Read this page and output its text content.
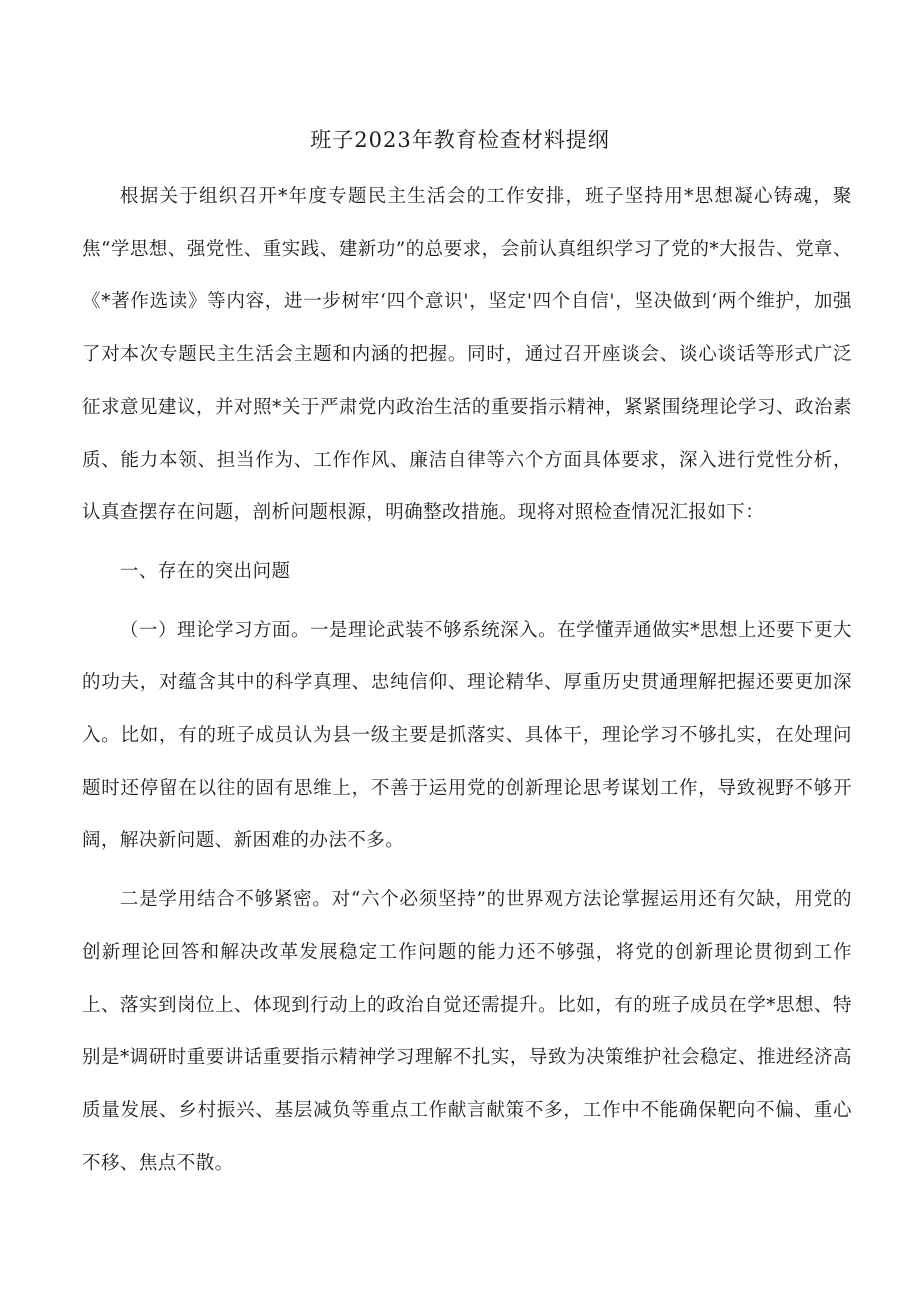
班子2023年教育检查材料提纲

根据关于组织召开*年度专题民主生活会的工作安排，班子坚持用*思想凝心铸魂，聚焦“学思想、强党性、重实践、建新功”的总要求，会前认真组织学习了党的*大报告、党章、《*著作选读》等内容，进一步树牢‘四个意识'，坚定'四个自信'，坚决做到‘两个维护，加强了对本次专题民主生活会主题和内涵的把握。同时，通过召开座谈会、谈心谈话等形式广泛征求意见建议，并对照*关于严肃党内政治生活的重要指示精神，紧紧围绕理论学习、政治素质、能力本领、担当作为、工作作风、廉洁自律等六个方面具体要求，深入进行党性分析，认真查摆存在问题，剖析问题根源，明确整改措施。现将对照检查情况汇报如下：

一、存在的突出问题

（一）理论学习方面。一是理论武装不够系统深入。在学懂弄通做实*思想上还要下更大的功夫，对蕴含其中的科学真理、忠纯信仰、理论精华、厚重历史贯通理解把握还要更加深入。比如，有的班子成员认为县一级主要是抓落实、具体干，理论学习不够扎实，在处理问题时还停留在以往的固有思维上，不善于运用党的创新理论思考谋划工作，导致视野不够开阔，解决新问题、新困难的办法不多。

二是学用结合不够紧密。对“六个必须坚持”的世界观方法论掌握运用还有欠缺，用党的创新理论回答和解决改革发展稳定工作问题的能力还不够强，将党的创新理论贯彻到工作上、落实到岗位上、体现到行动上的政治自觉还需提升。比如，有的班子成员在学*思想、特别是*调研时重要讲话重要指示精神学习理解不扎实，导致为决策维护社会稳定、推进经济高质量发展、乡村振兴、基层减负等重点工作献言献策不多，工作中不能确保靶向不偏、重心不移、焦点不散。
